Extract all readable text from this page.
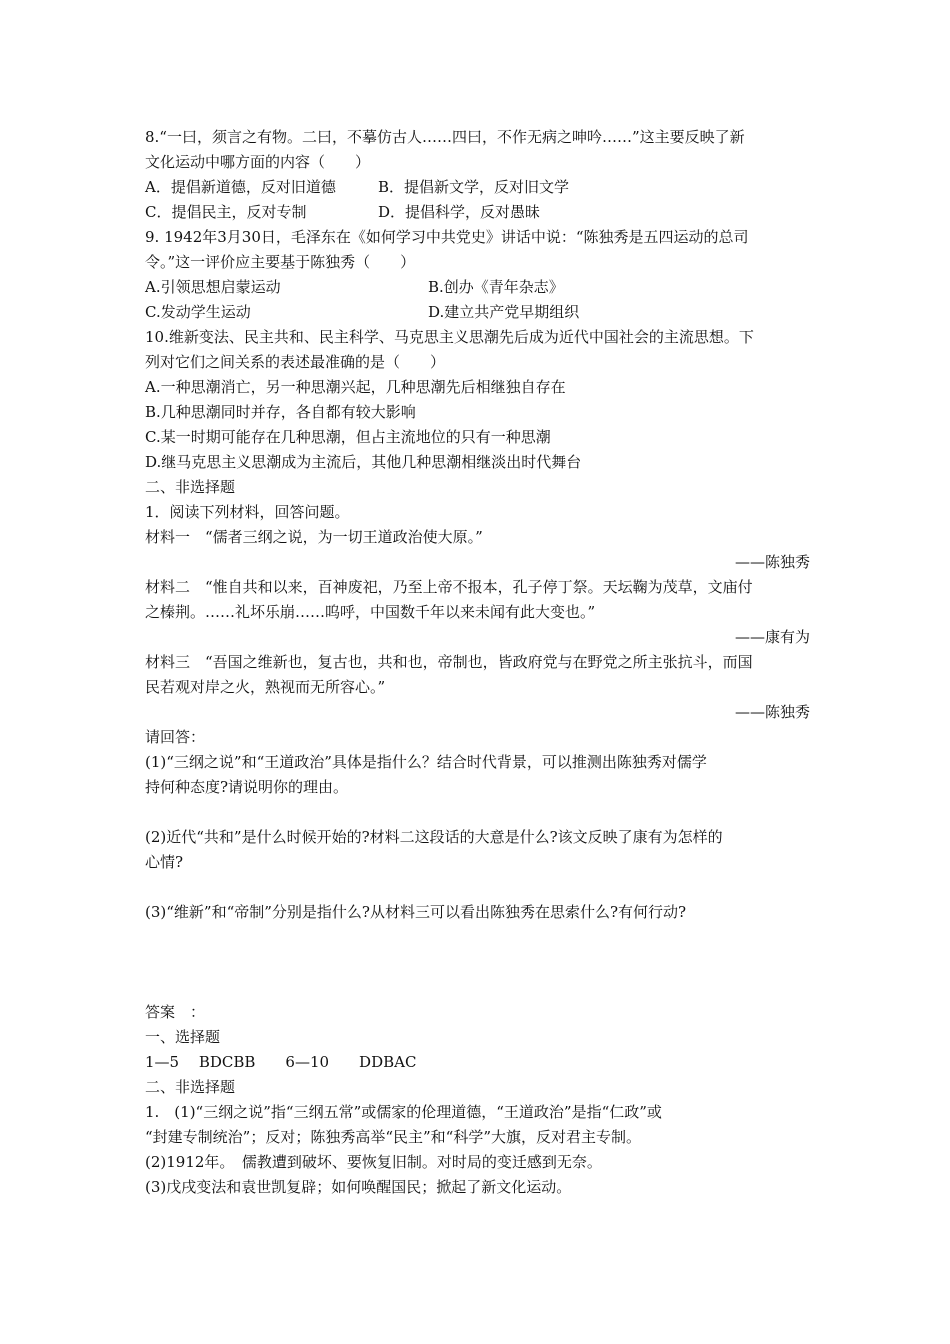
8.“一曰，须言之有物。二曰，不摹仿古人……四曰，不作无病之呻吟……”这主要反映了新
文化运动中哪方面的内容（　　）
A．提倡新道德，反对旧道德	B．提倡新文学，反对旧文学
C．提倡民主，反对专制	D．提倡科学，反对愚昧
9. 1942年3月30日，毛泽东在《如何学习中共党史》讲话中说：“陈独秀是五四运动的总司
令。”这一评价应主要基于陈独秀（　　）
A.引领思想启蒙运动	B.创办《青年杂志》
C.发动学生运动	D.建立共产党早期组织
10.维新变法、民主共和、民主科学、马克思主义思潮先后成为近代中国社会的主流思想。下
列对它们之间关系的表述最准确的是（　　）
A.一种思潮消亡，另一种思潮兴起，几种思潮先后相继独自存在
B.几种思潮同时并存，各自都有较大影响
C.某一时期可能存在几种思潮，但占主流地位的只有一种思潮
D.继马克思主义思潮成为主流后，其他几种思潮相继淡出时代舞台
二、非选择题
1．阅读下列材料，回答问题。
材料一　“儒者三纲之说，为一切王道政治使大原。”
——陈独秀
材料二　“惟自共和以来，百神废祀，乃至上帝不报本，孔子停丁祭。天坛鞠为茂草，文庙付
之榛荆。……礼坏乐崩……呜呼，中国数千年以来未闻有此大变也。”
——康有为
材料三　“吾国之维新也，复古也，共和也，帝制也，皆政府党与在野党之所主张抗斗，而国
民若观对岸之火，熟视而无所容心。”
——陈独秀
请回答：
(1)“三纲之说”和“王道政治”具体是指什么？结合时代背景，可以推测出陈独秀对儒学
持何种态度?请说明你的理由。
(2)近代“共和”是什么时候开始的?材料二这段话的大意是什么?该文反映了康有为怎样的
心情?
(3)“维新”和“帝制”分别是指什么?从材料三可以看出陈独秀在思索什么?有何行动?
答案　：
一、选择题
1—5　 BDCBB　　6—10　　DDBAC
二、非选择题
1.　(1)“三纲之说”指“三纲五常”或儒家的伦理道德，“王道政治”是指“仁政”或
“封建专制统治”；反对；陈独秀高举“民主”和“科学”大旗，反对君主专制。
(2)1912年。　儒教遭到破坏、要恢复旧制。对时局的变迁感到无奈。
(3)戊戌变法和袁世凯复辟；如何唤醒国民；掀起了新文化运动。
